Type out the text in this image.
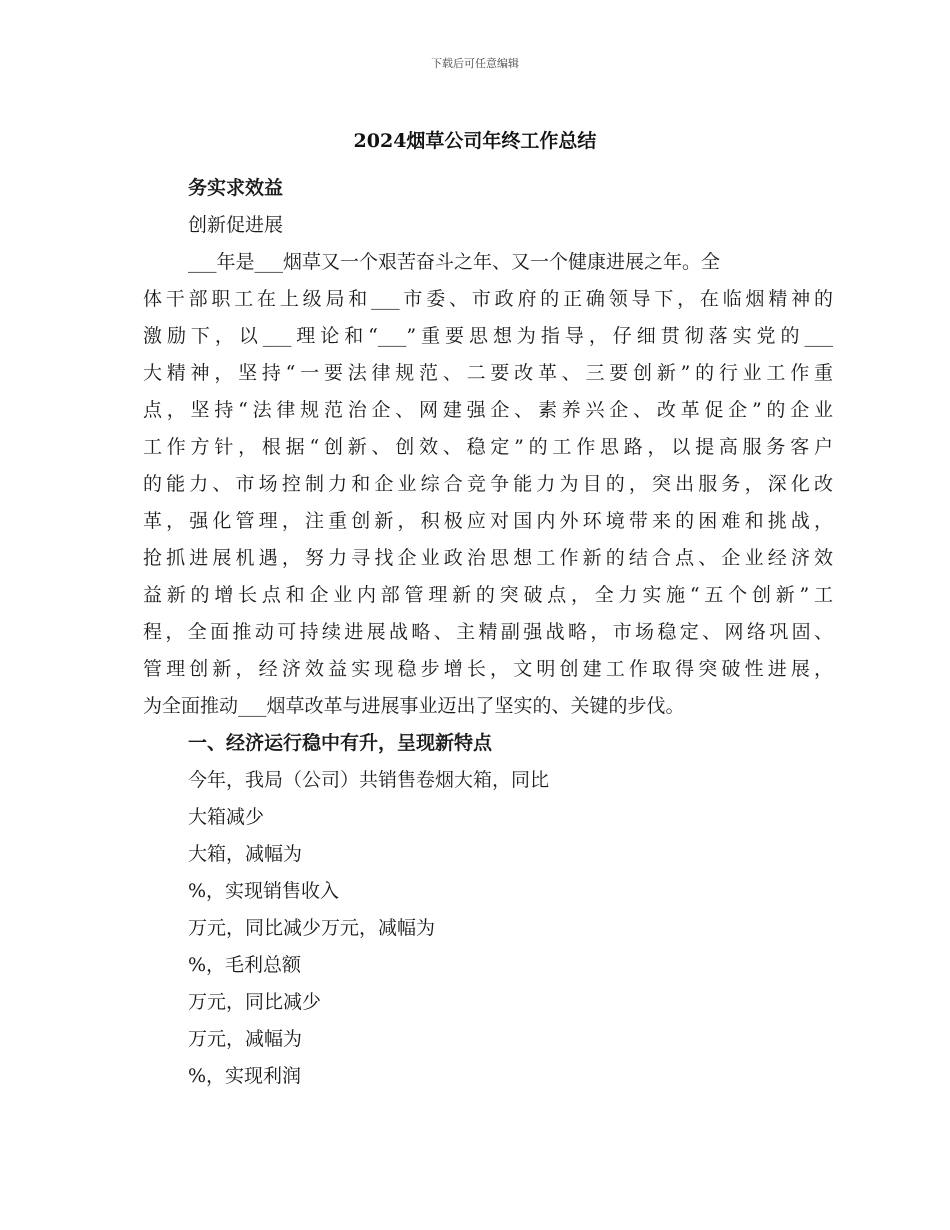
下载后可任意编辑
2024烟草公司年终工作总结
务实求效益
创新促进展
___年是___烟草又一个艰苦奋斗之年、又一个健康进展之年。全
体干部职工在上级局和___市委、市政府的正确领导下，在临烟精神的
激励下，以___理论和“___”重要思想为指导，仔细贯彻落实党的___
大精神，坚持“一要法律规范、二要改革、三要创新”的行业工作重
点，坚持“法律规范治企、网建强企、素养兴企、改革促企”的企业
工作方针，根据“创新、创效、稳定”的工作思路，以提高服务客户
的能力、市场控制力和企业综合竞争能力为目的，突出服务，深化改
革，强化管理，注重创新，积极应对国内外环境带来的困难和挑战，
抢抓进展机遇，努力寻找企业政治思想工作新的结合点、企业经济效
益新的增长点和企业内部管理新的突破点，全力实施“五个创新”工
程，全面推动可持续进展战略、主精副强战略，市场稳定、网络巩固、
管理创新，经济效益实现稳步增长，文明创建工作取得突破性进展，
为全面推动___烟草改革与进展事业迈出了坚实的、关键的步伐。
一、经济运行稳中有升，呈现新特点
今年，我局（公司）共销售卷烟大箱，同比
大箱减少
大箱，减幅为
%，实现销售收入
万元，同比减少万元，减幅为
%，毛利总额
万元，同比减少
万元，减幅为
%，实现利润
